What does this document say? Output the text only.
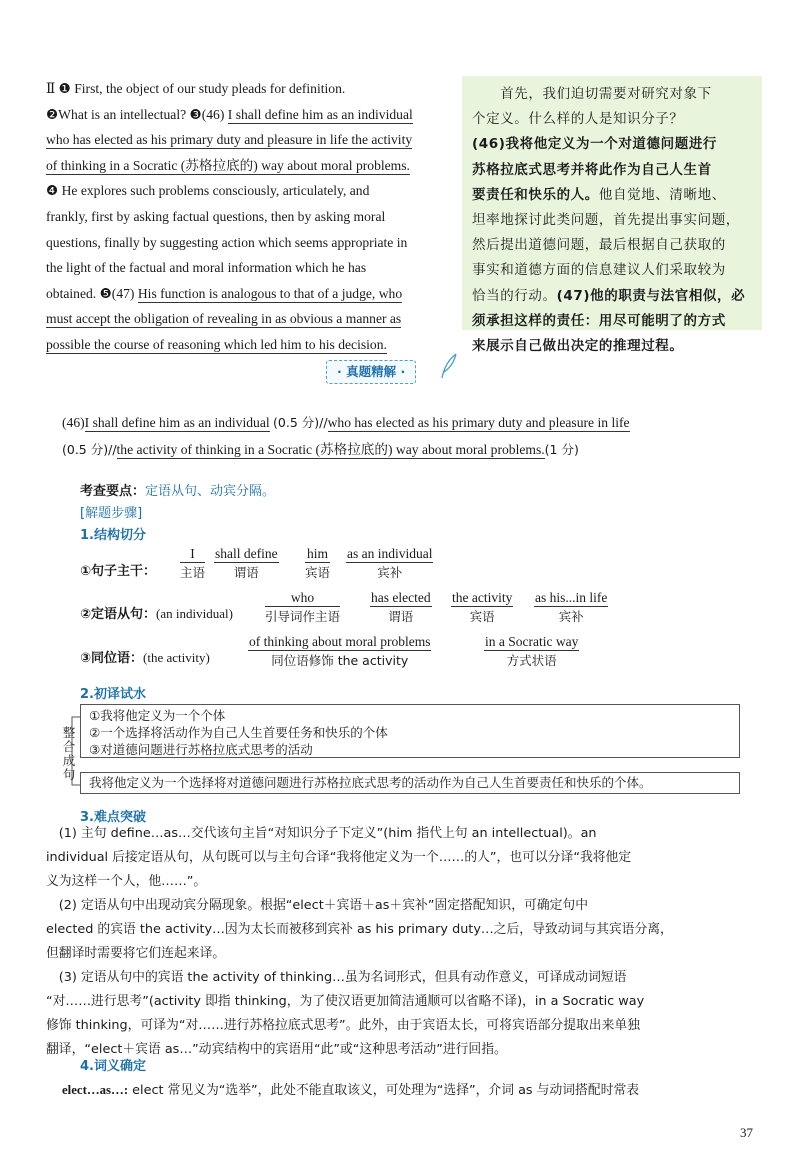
Ⅱ ❶ First, the object of our study pleads for definition.
❷What is an intellectual? ❸(46) I shall define him as an individual
who has elected as his primary duty and pleasure in life the activity
of thinking in a Socratic (苏格拉底的) way about moral problems.
❹ He explores such problems consciously, articulately, and
frankly, first by asking factual questions, then by asking moral
questions, finally by suggesting action which seems appropriate in
the light of the factual and moral information which he has
obtained. ❺(47) His function is analogous to that of a judge, who
must accept the obligation of revealing in as obvious a manner as
possible the course of reasoning which led him to his decision.
　　首先，我们迫切需要对研究对象下
个定义。什么样的人是知识分子？
(46)我将他定义为一个对道德问题进行
苏格拉底式思考并将此作为自己人生首
要责任和快乐的人。他自觉地、清晰地、
坦率地探讨此类问题，首先提出事实问题，
然后提出道德问题，最后根据自己获取的
事实和道德方面的信息建议人们采取较为
恰当的行动。(47)他的职责与法官相似，必
须承担这样的责任：用尽可能明了的方式
来展示自己做出决定的推理过程。
· 真题精解 ·
(46)I shall define him as an individual (0.5 分)//who has elected as his primary duty and pleasure in life
(0.5 分)//the activity of thinking in a Socratic (苏格拉底的) way about moral problems.(1 分)
考查要点：定语从句、动宾分隔。
[解题步骤]
1.结构切分
①句子主干：
I
主语
shall define
谓语
him
宾语
as an individual
宾补
②定语从句：(an individual)
who
引导词作主语
has elected
谓语
the activity
宾语
as his...in life
宾补
③同位语：(the activity)
of thinking about moral problems
同位语修饰 the activity
in a Socratic way
方式状语
2.初译试水
①我将他定义为一个个体
②一个选择将活动作为自己人生首要任务和快乐的个体
③对道德问题进行苏格拉底式思考的活动
整合成句
我将他定义为一个选择将对道德问题进行苏格拉底式思考的活动作为自己人生首要责任和快乐的个体。
3.难点突破
　(1) 主句 define…as…交代该句主旨“对知识分子下定义”(him 指代上句 an intellectual)。an
individual 后接定语从句，从句既可以与主句合译“我将他定义为一个……的人”，也可以分译“我将他定
义为这样一个人，他……”。
　(2) 定语从句中出现动宾分隔现象。根据“elect＋宾语＋as＋宾补”固定搭配知识，可确定句中
elected 的宾语 the activity…因为太长而被移到宾补 as his primary duty…之后，导致动词与其宾语分离，
但翻译时需要将它们连起来译。
　(3) 定语从句中的宾语 the activity of thinking…虽为名词形式，但具有动作意义，可译成动词短语
“对……进行思考”(activity 即指 thinking，为了使汉语更加简洁通顺可以省略不译)，in a Socratic way
修饰 thinking，可译为“对……进行苏格拉底式思考”。此外，由于宾语太长，可将宾语部分提取出来单独
翻译，“elect＋宾语 as…”动宾结构中的宾语用“此”或“这种思考活动”进行回指。
4.词义确定
elect…as…: elect 常见义为“选举”，此处不能直取该义，可处理为“选择”，介词 as 与动词搭配时常表
37
